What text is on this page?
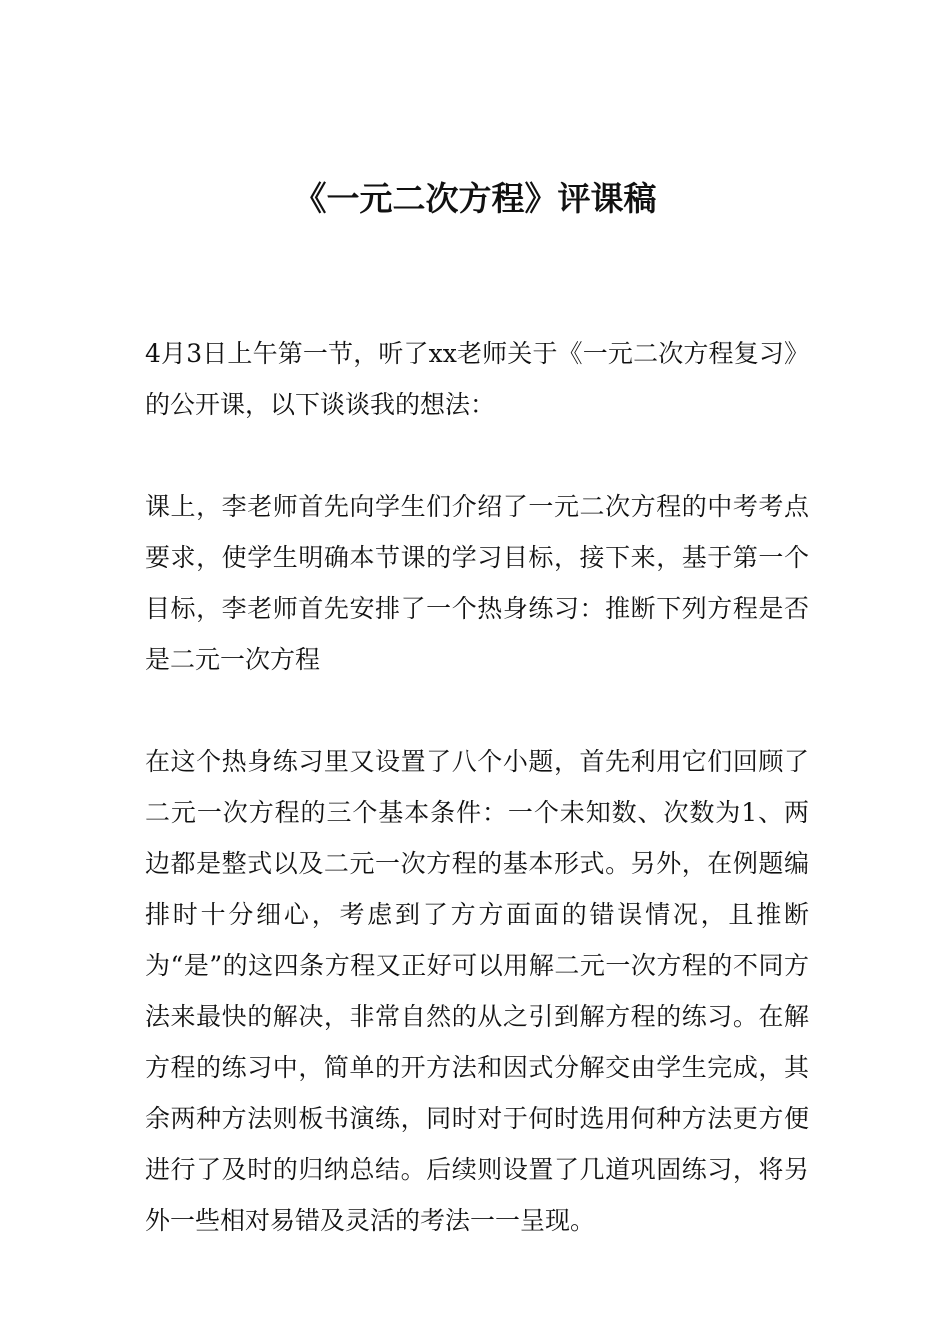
《一元二次方程》评课稿

4月3日上午第一节，听了xx老师关于《一元二次方程复习》的公开课，以下谈谈我的想法：

课上，李老师首先向学生们介绍了一元二次方程的中考考点要求，使学生明确本节课的学习目标，接下来，基于第一个目标，李老师首先安排了一个热身练习：推断下列方程是否是二元一次方程

在这个热身练习里又设置了八个小题，首先利用它们回顾了二元一次方程的三个基本条件：一个未知数、次数为1、两边都是整式以及二元一次方程的基本形式。另外，在例题编排时十分细心，考虑到了方方面面的错误情况，且推断为“是”的这四条方程又正好可以用解二元一次方程的不同方法来最快的解决，非常自然的从之引到解方程的练习。在解方程的练习中，简单的开方法和因式分解交由学生完成，其余两种方法则板书演练，同时对于何时选用何种方法更方便进行了及时的归纳总结。后续则设置了几道巩固练习，将另外一些相对易错及灵活的考法一一呈现。
